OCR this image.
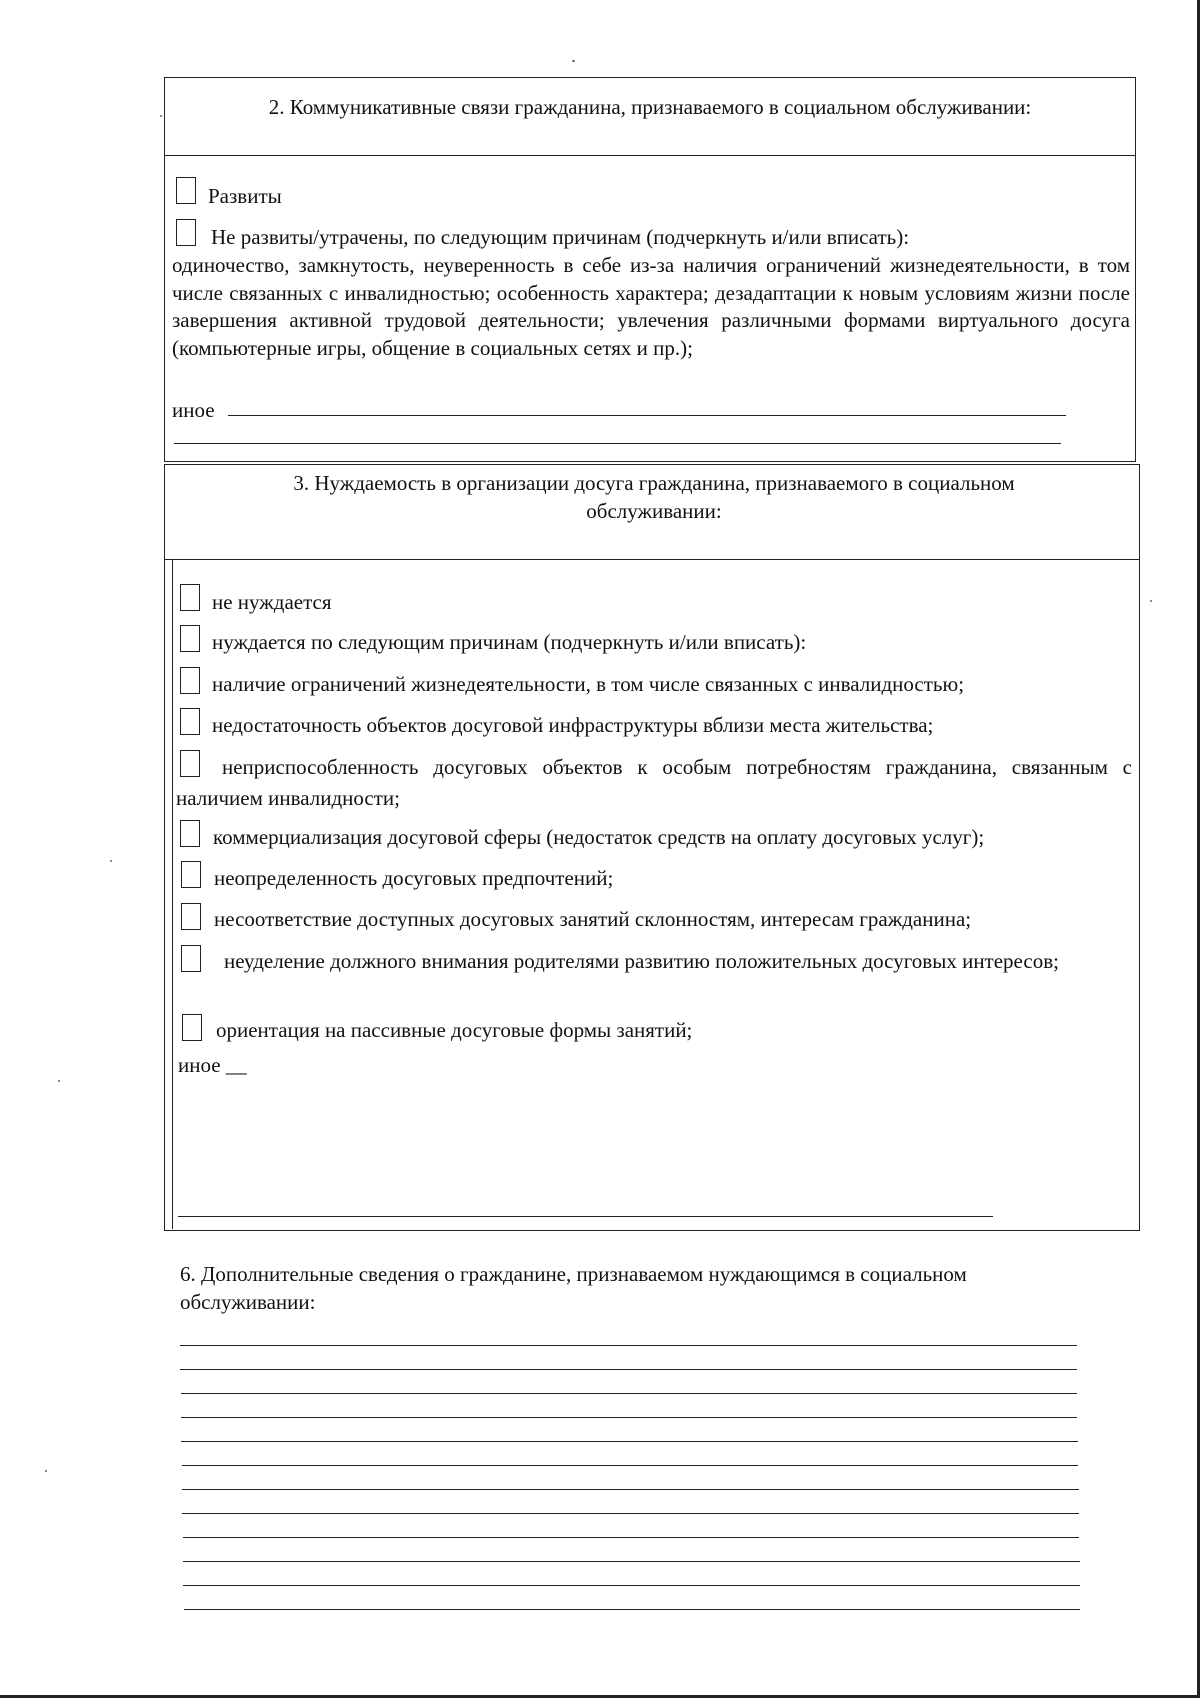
2. Коммуникативные связи гражданина, признаваемого в социальном обслуживании:
Развиты
Не развиты/утрачены, по следующим причинам (подчеркнуть и/или вписать):
одиночество, замкнутость, неуверенность в себе из-за наличия ограничений жизнедеятельности, в том числе связанных с инвалидностью; особенность характера; дезадаптации к новым условиям жизни после завершения активной трудовой деятельности; увлечения различными формами виртуального досуга (компьютерные игры, общение в социальных сетях и пр.);
иное
3. Нуждаемость в организации досуга гражданина, признаваемого в социальном обслуживании:
не нуждается
нуждается по следующим причинам (подчеркнуть и/или вписать):
наличие ограничений жизнедеятельности, в том числе связанных с инвалидностью;
недостаточность объектов досуговой инфраструктуры вблизи места жительства;
неприспособленность досуговых объектов к особым потребностям гражданина, связанным с наличием инвалидности;
коммерциализация досуговой сферы (недостаток средств на оплату досуговых услуг);
неопределенность досуговых предпочтений;
несоответствие доступных досуговых занятий склонностям, интересам гражданина;
неуделение должного внимания родителями развитию положительных досуговых интересов;
ориентация на пассивные досуговые формы занятий;
иное __
6. Дополнительные сведения о гражданине, признаваемом нуждающимся в социальном обслуживании:
